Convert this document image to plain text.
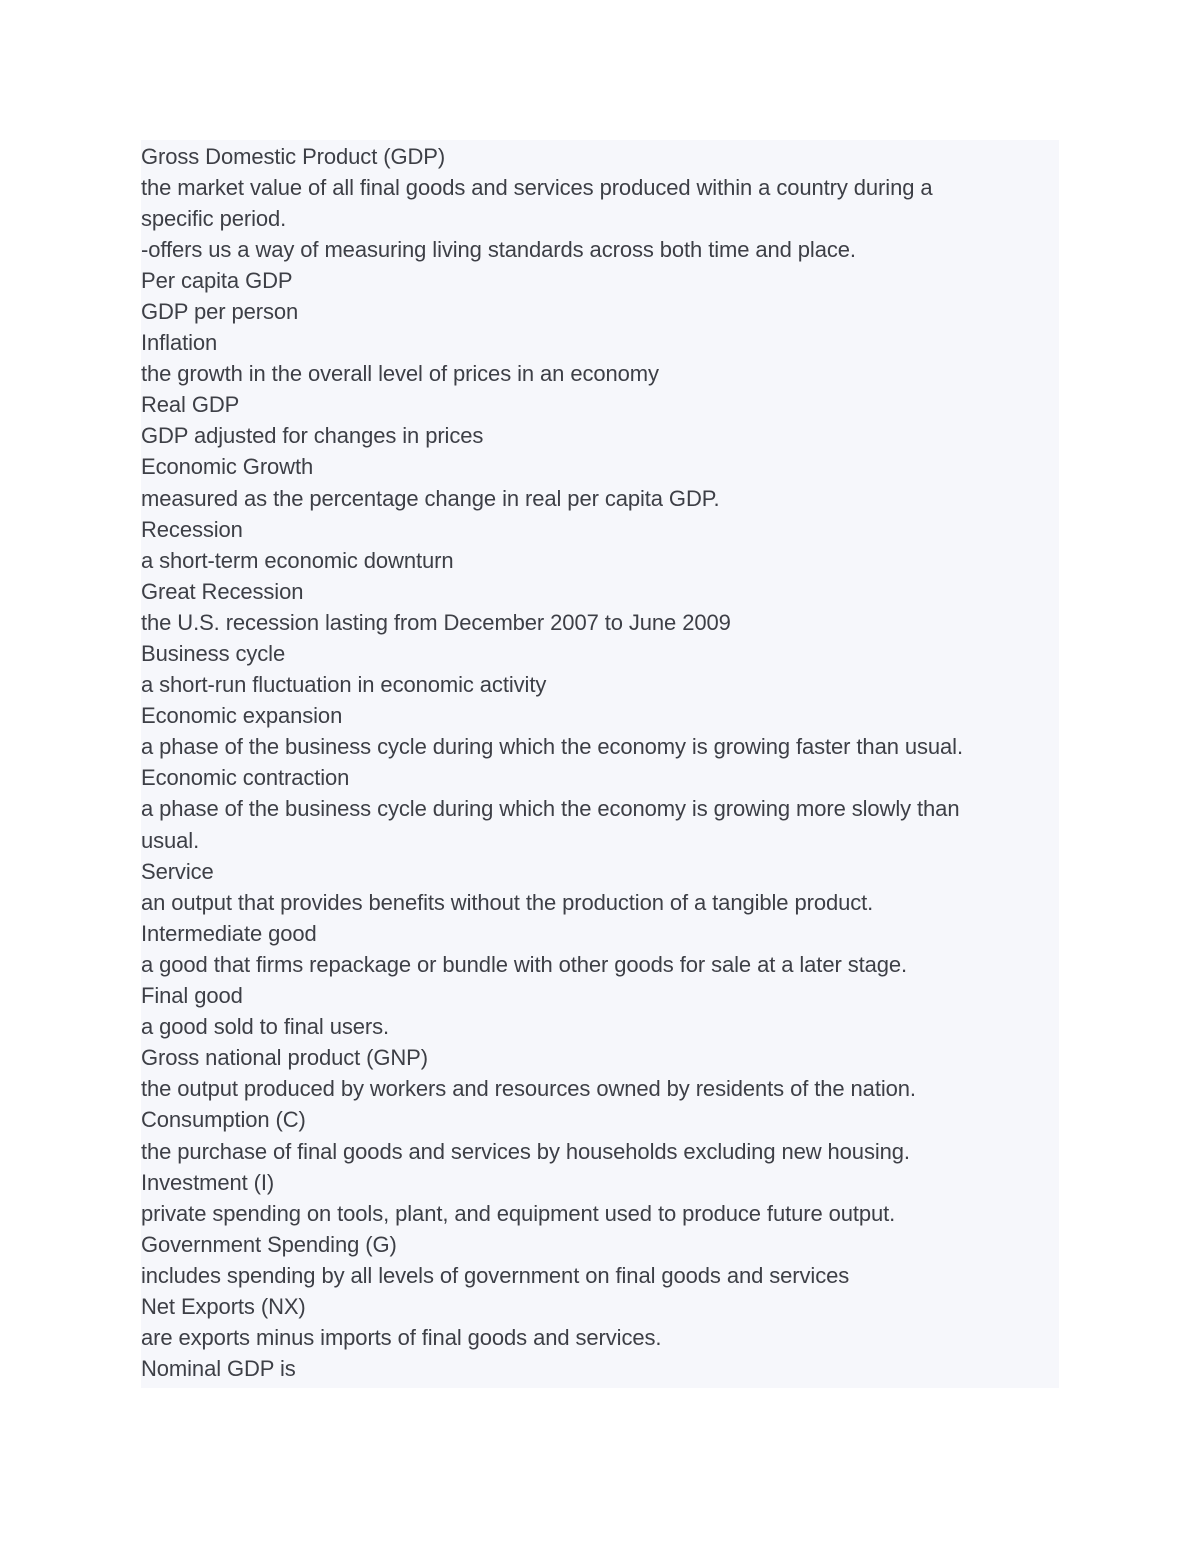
Gross Domestic Product (GDP)

the market value of all final goods and services produced within a country during a

specific period.

-offers us a way of measuring living standards across both time and place.

Per capita GDP

GDP per person

Inflation

the growth in the overall level of prices in an economy

Real GDP

GDP adjusted for changes in prices

Economic Growth

measured as the percentage change in real per capita GDP.

Recession

a short-term economic downturn

Great Recession

the U.S. recession lasting from December 2007 to June 2009

Business cycle

a short-run fluctuation in economic activity

Economic expansion

a phase of the business cycle during which the economy is growing faster than usual.

Economic contraction

a phase of the business cycle during which the economy is growing more slowly than

usual.

Service

an output that provides benefits without the production of a tangible product.

Intermediate good

a good that firms repackage or bundle with other goods for sale at a later stage.

Final good

a good sold to final users.

Gross national product (GNP)

the output produced by workers and resources owned by residents of the nation.

Consumption (C)

the purchase of final goods and services by households excluding new housing.

Investment (I)

private spending on tools, plant, and equipment used to produce future output.

Government Spending (G)

includes spending by all levels of government on final goods and services

Net Exports (NX)

are exports minus imports of final goods and services.

Nominal GDP is
